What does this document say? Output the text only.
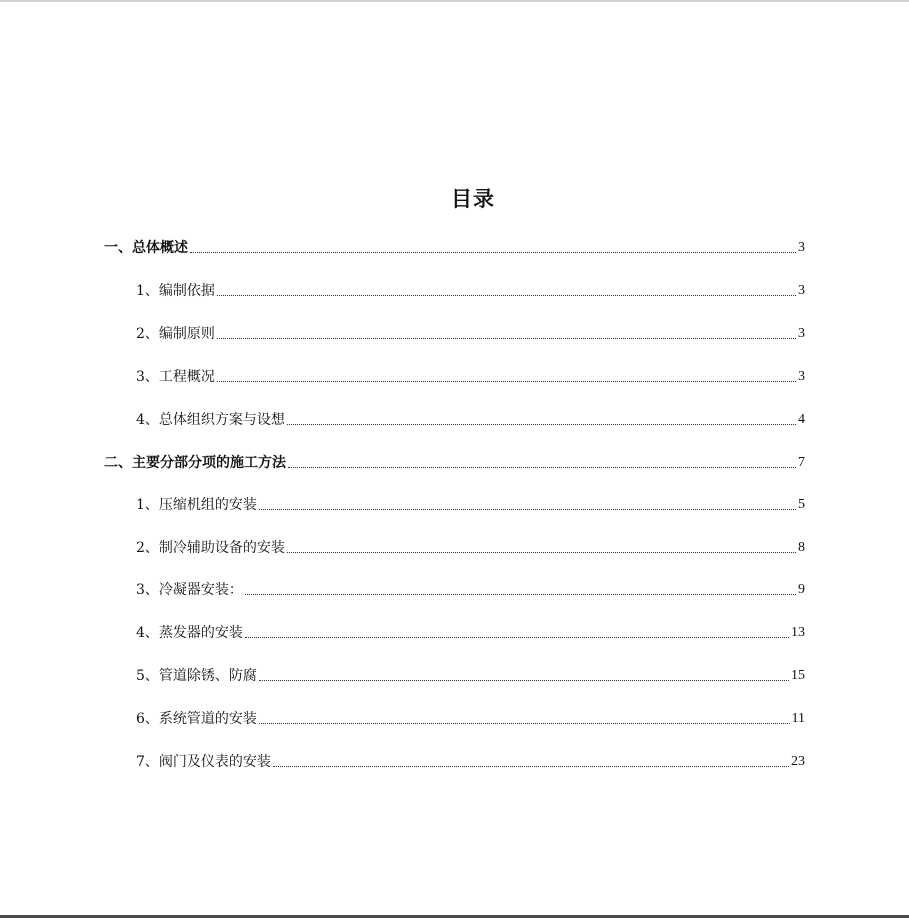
目录
一、总体概述	3
1、编制依据	3
2、编制原则	3
3、工程概况	3
4、总体组织方案与设想	4
二、主要分部分项的施工方法	7
1、压缩机组的安装	5
2、制冷辅助设备的安装	8
3、冷凝器安装：	9
4、蒸发器的安装	13
5、管道除锈、防腐	15
6、系统管道的安装	11
7、阀门及仪表的安装	23
